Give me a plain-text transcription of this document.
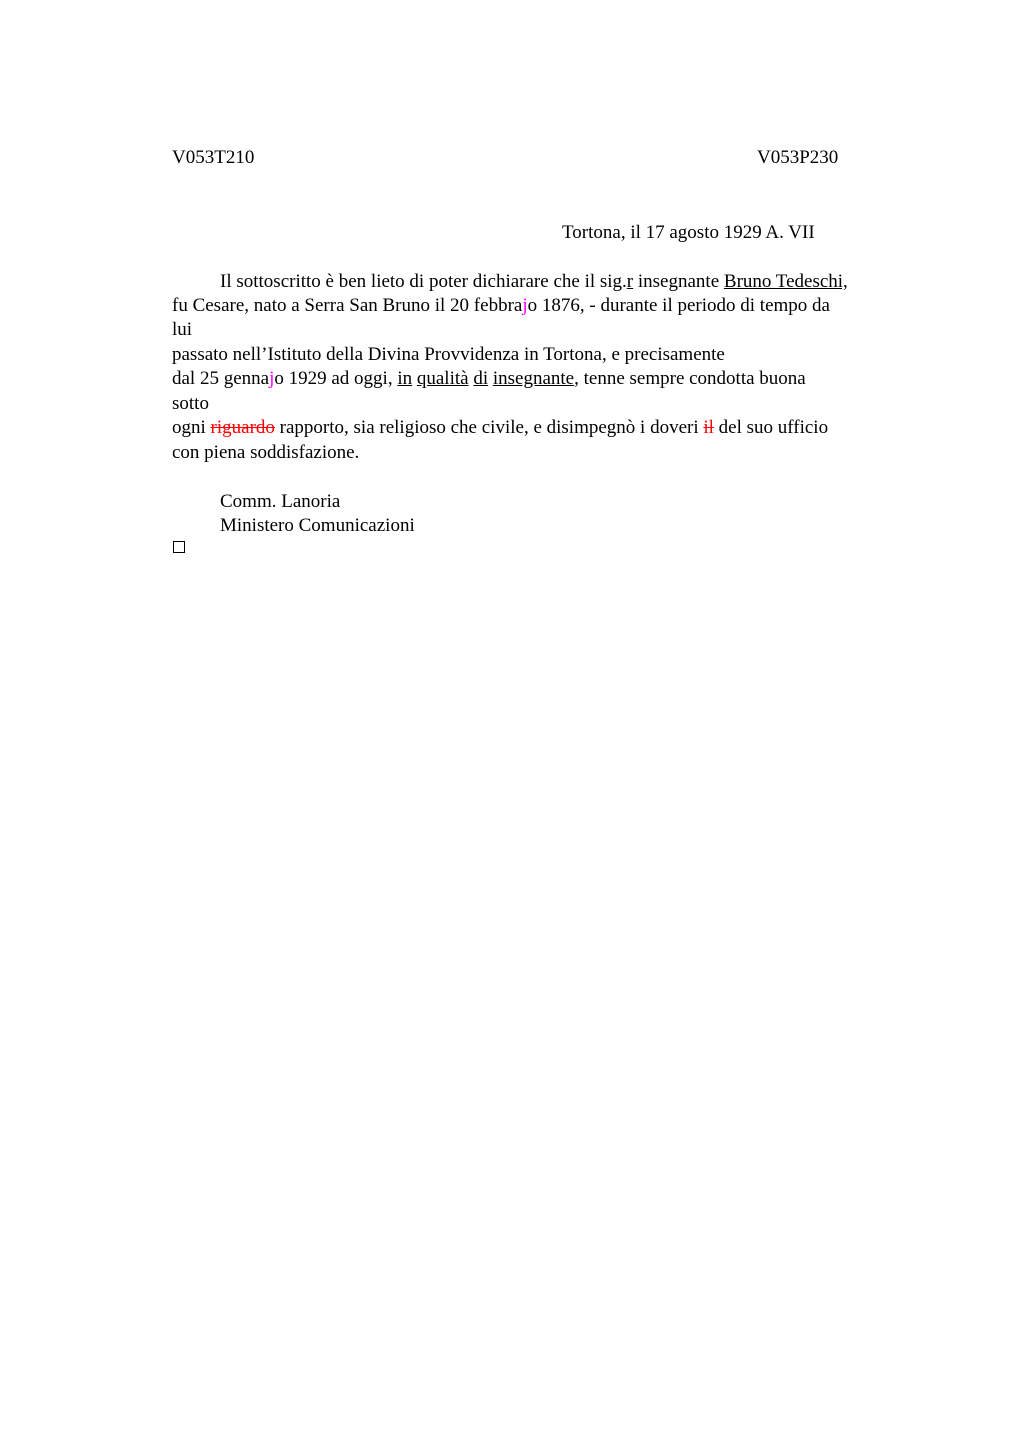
V053T210	V053P230
Tortona, il 17 agosto 1929 A. VII
Il sottoscritto è ben lieto di poter dichiarare che il sig.r insegnante Bruno Tedeschi,
fu Cesare, nato a Serra San Bruno il 20 febbrajo 1876, - durante il periodo di tempo da
lui
passato nell’Istituto della Divina Provvidenza in Tortona, e precisamente
dal 25 gennajo 1929 ad oggi, in qualità di insegnante, tenne sempre condotta buona
sotto
ogni riguardo rapporto, sia religioso che civile, e disimpegnò i doveri il del suo ufficio
con piena soddisfazione.
Comm. Lanoria
Ministero Comunicazioni
